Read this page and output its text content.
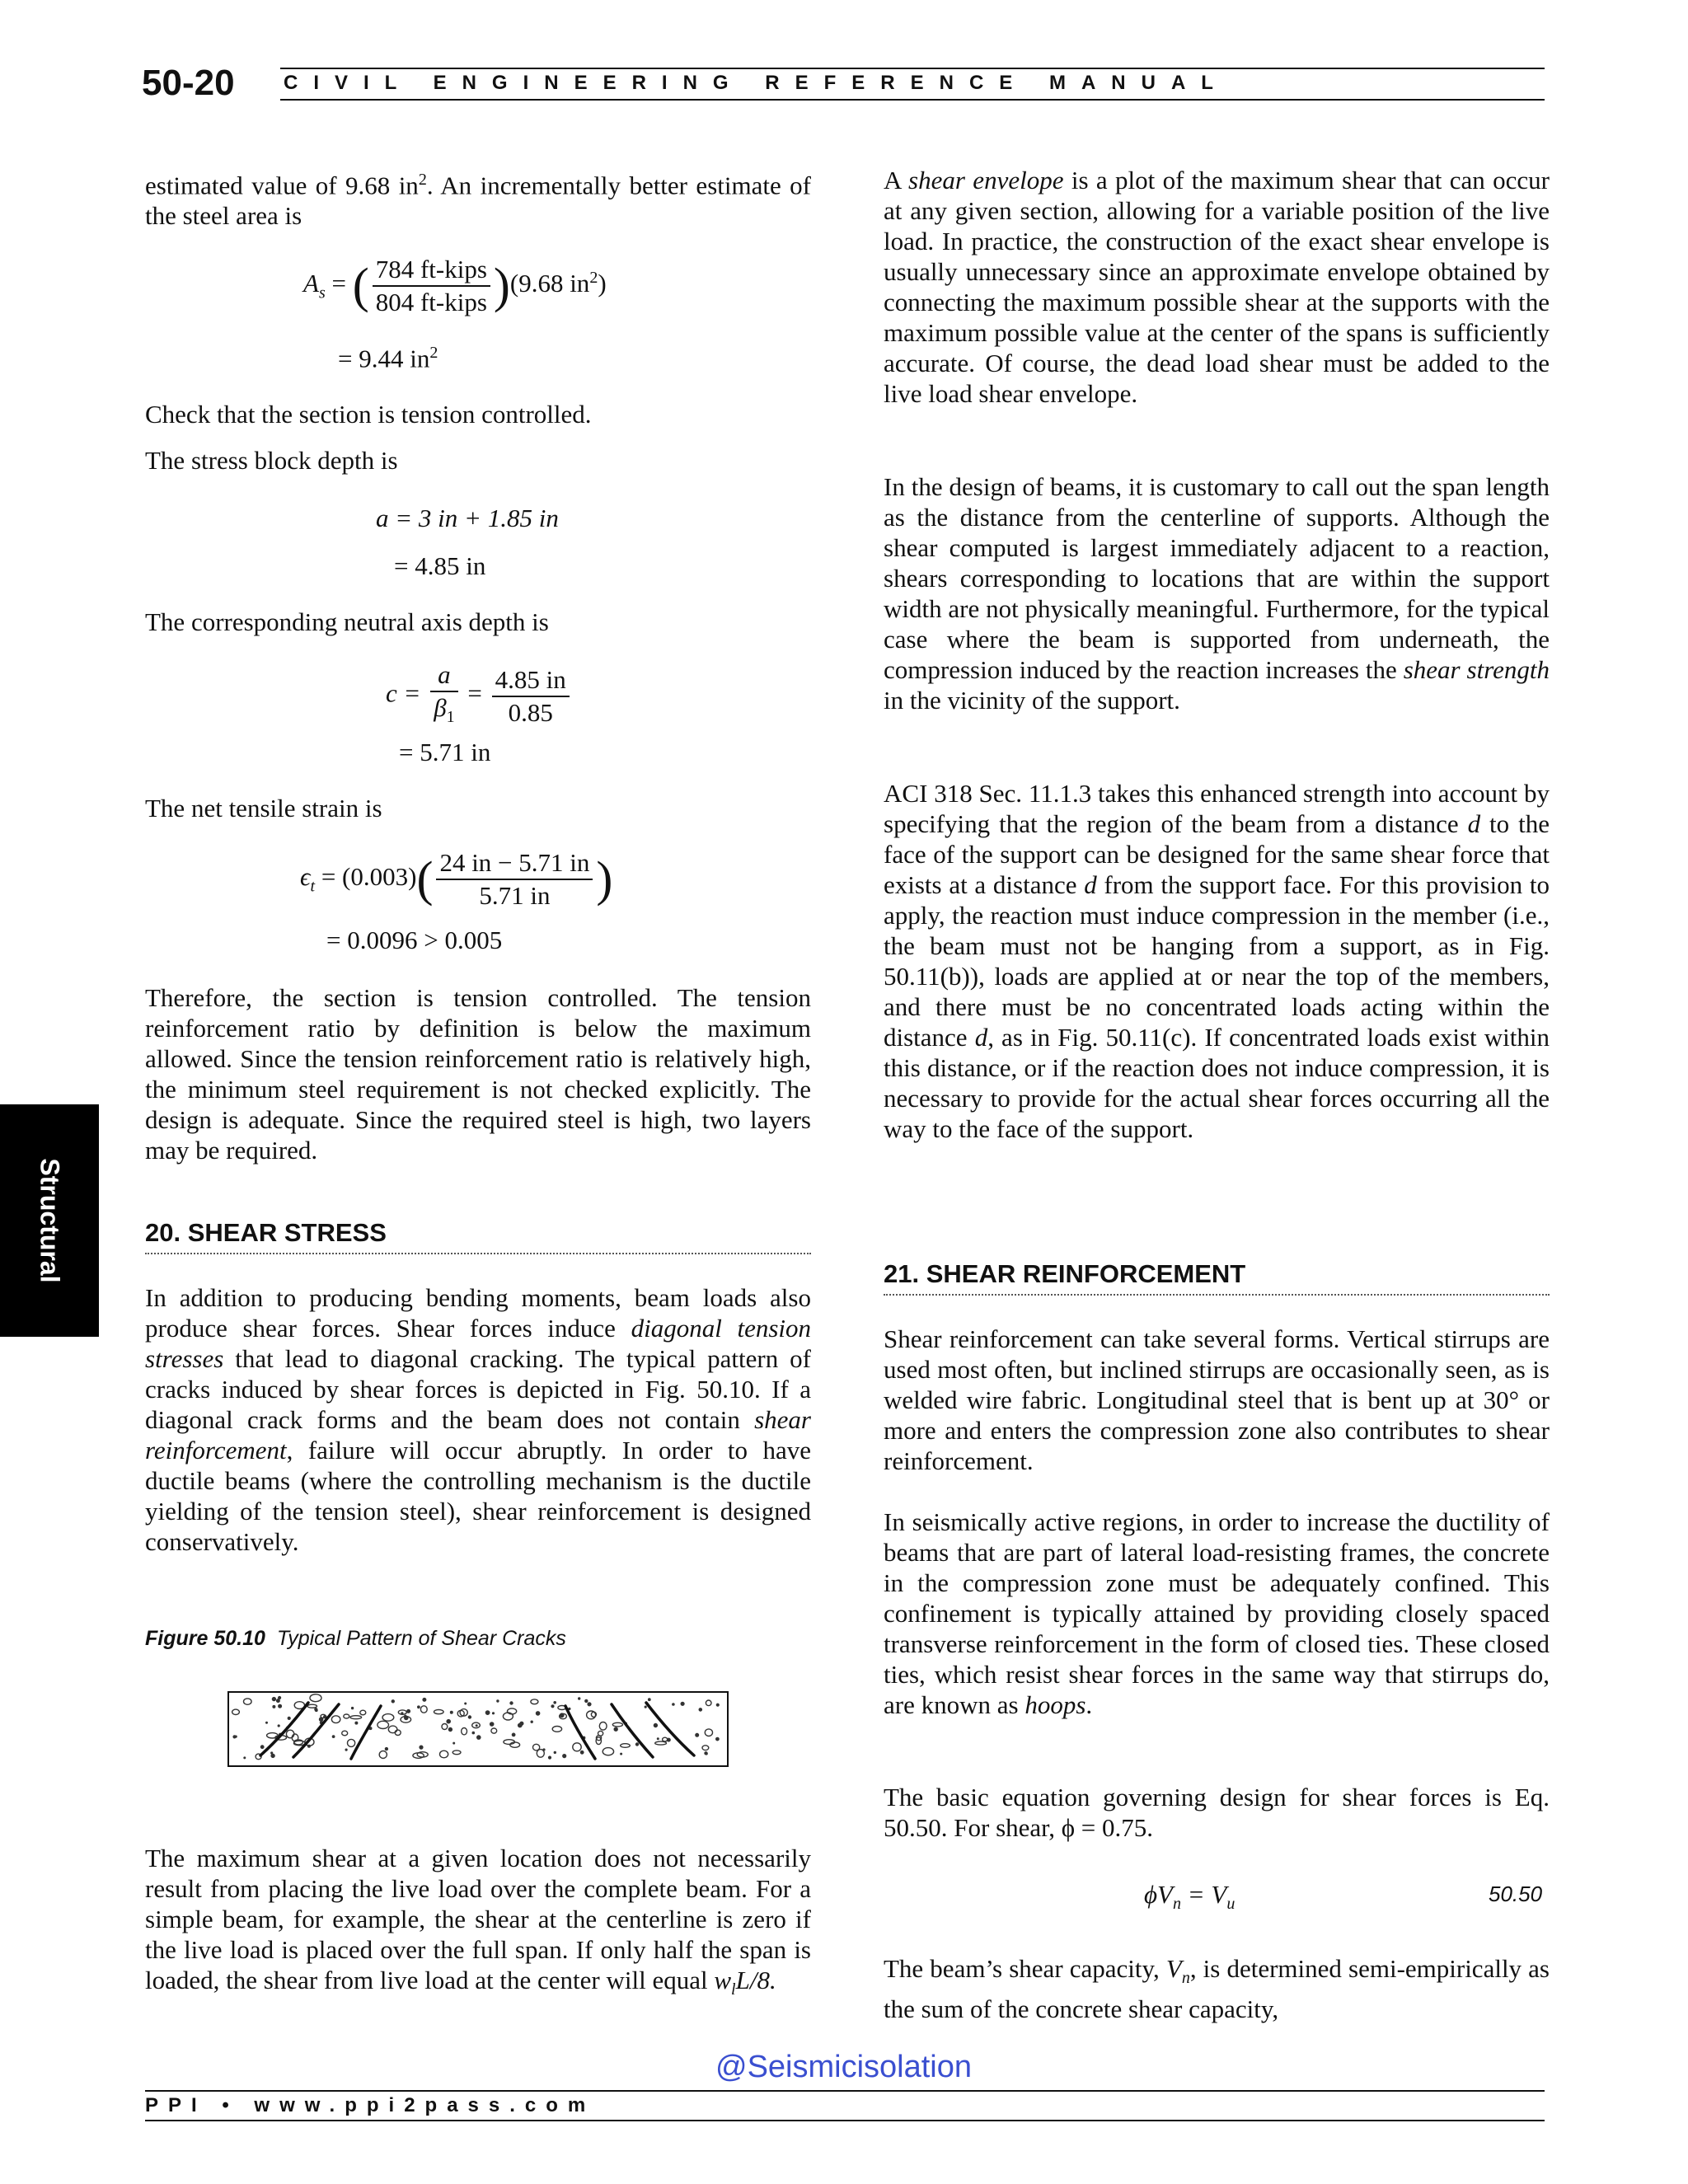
50-20 CIVIL ENGINEERING REFERENCE MANUAL
Structural

estimated value of 9.68 $in^2$. An incrementally better estimate of the steel area is

$A_s$ = ( $\frac{\text{784 ft-kips}}{\text{804 ft-kips}} )(9.68$ $in^2$)
= 9.44 $in^2$

Check that the section is tension controlled.

The stress block depth is

a = 3 in + 1.85 in
= 4.85 in

The corresponding neutral axis depth is

$c = \frac{a}{\beta_1} = \frac{4.85 in}{0.85}$
= 5.71 in

The net tensile strain is

$\epsilon_t = (0.003)( \frac{24 in - 5.71 in}{5.71 in}$ )
= 0.0096 > 0.005

Therefore, the section is tension controlled. The tension reinforcement ratio by definition is below the maximum allowed. Since the tension reinforcement ratio is relatively high, the minimum steel requirement is not checked explicitly. The design is adequate. Since the required steel is high, two layers may be required.

20. SHEAR STRESS

In addition to producing bending moments, beam loads also produce shear forces. Shear forces induce diagonal tension stresses that lead to diagonal cracking. The typical pattern of cracks induced by shear forces is depicted in Fig. 50.10. If a diagonal crack forms and the beam does not contain shear reinforcement, failure will occur abruptly. In order to have ductile beams (where the controlling mechanism is the ductile yielding of the tension steel), shear reinforcement is designed conservatively.

Figure 50.10 Typical Pattern of Shear Cracks

The maximum shear at a given location does not necessarily result from placing the live load over the complete beam. For a simple beam, for example, the shear at the centerline is zero if the live load is placed over the full span. If only half the span is loaded, the shear from live load at the center will equal $w_lL/8$.

A shear envelope is a plot of the maximum shear that can occur at any given section, allowing for a variable position of the live load. In practice, the construction of the exact shear envelope is usually unnecessary since an approximate envelope obtained by connecting the maximum possible shear at the supports with the maximum possible value at the center of the spans is sufficiently accurate. Of course, the dead load shear must be added to the live load shear envelope.

In the design of beams, it is customary to call out the span length as the distance from the centerline of supports. Although the shear computed is largest immediately adjacent to a reaction, shears corresponding to locations that are within the support width are not physically meaningful. Furthermore, for the typical case where the beam is supported from underneath, the compression induced by the reaction increases the shear strength in the vicinity of the support.

ACI 318 Sec. 11.1.3 takes this enhanced strength into account by specifying that the region of the beam from a distance d to the face of the support can be designed for the same shear force that exists at a distance d from the support face. For this provision to apply, the reaction must induce compression in the member (i.e., the beam must not be hanging from a support, as in Fig. 50.11(b)), loads are applied at or near the top of the members, and there must be no concentrated loads acting within the distance d, as in Fig. 50.11(c). If concentrated loads exist within this distance, or if the reaction does not induce compression, it is necessary to provide for the actual shear forces occurring all the way to the face of the support.

21. SHEAR REINFORCEMENT

Shear reinforcement can take several forms. Vertical stirrups are used most often, but inclined stirrups are occasionally seen, as is welded wire fabric. Longitudinal steel that is bent up at 30° or more and enters the compression zone also contributes to shear reinforcement.

In seismically active regions, in order to increase the ductility of beams that are part of lateral load-resisting frames, the concrete in the compression zone must be adequately confined. This confinement is typically attained by providing closely spaced transverse reinforcement in the form of closed ties. These closed ties, which resist shear forces in the same way that stirrups do, are known as hoops.

The basic equation governing design for shear forces is Eq. 50.50. For shear, ϕ = 0.75.

$\phi V_n = V_u$	50.50

The beam’s shear capacity, $V_n$, is determined semi-empirically as the sum of the concrete shear capacity,

@Seismicisolation
PPI • www.ppi2pass.com
